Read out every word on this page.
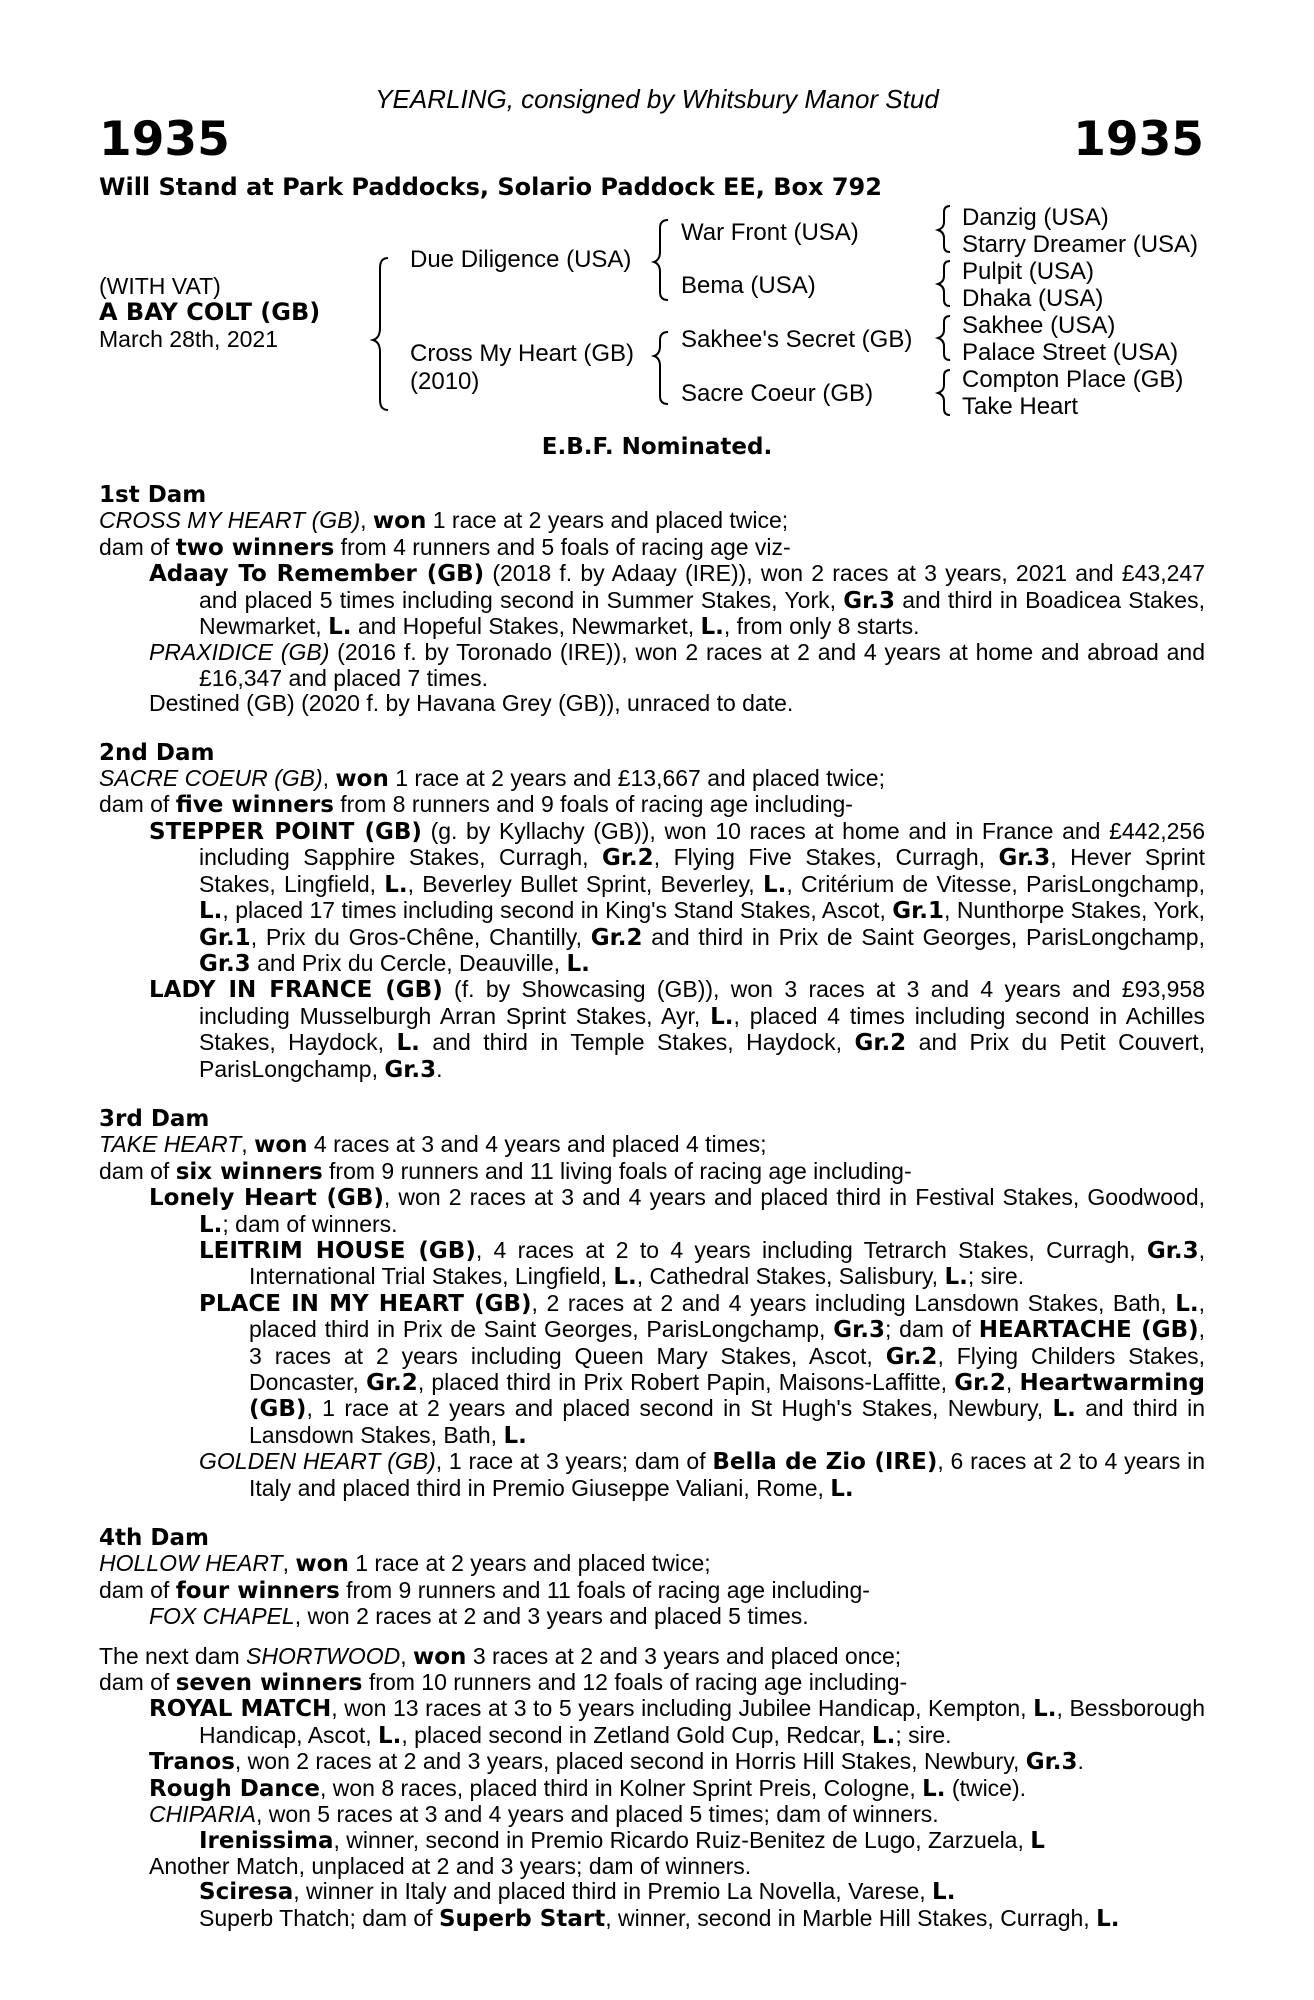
YEARLING, consigned by Whitsbury Manor Stud
1935	1935
Will Stand at Park Paddocks, Solario Paddock EE, Box 792
(WITH VAT)
A BAY COLT (GB)
March 28th, 2021
Due Diligence (USA)
Cross My Heart (GB)
(2010)
War Front (USA)
Bema (USA)
Sakhee's Secret (GB)
Sacre Coeur (GB)
Danzig (USA)
Starry Dreamer (USA)
Pulpit (USA)
Dhaka (USA)
Sakhee (USA)
Palace Street (USA)
Compton Place (GB)
Take Heart
E.B.F. Nominated.

1st Dam

CROSS MY HEART (GB), won 1 race at 2 years and placed twice;

dam of two winners from 4 runners and 5 foals of racing age viz-

Adaay To Remember (GB) (2018 f. by Adaay (IRE)), won 2 races at 3 years, 2021 and £43,247 and placed 5 times including second in Summer Stakes, York, Gr.3 and third in Boadicea Stakes, Newmarket, L. and Hopeful Stakes, Newmarket, L., from only 8 starts.

PRAXIDICE (GB) (2016 f. by Toronado (IRE)), won 2 races at 2 and 4 years at home and abroad and £16,347 and placed 7 times.

Destined (GB) (2020 f. by Havana Grey (GB)), unraced to date.

2nd Dam

SACRE COEUR (GB), won 1 race at 2 years and £13,667 and placed twice;

dam of five winners from 8 runners and 9 foals of racing age including-

STEPPER POINT (GB) (g. by Kyllachy (GB)), won 10 races at home and in France and £442,256 including Sapphire Stakes, Curragh, Gr.2, Flying Five Stakes, Curragh, Gr.3, Hever Sprint Stakes, Lingfield, L., Beverley Bullet Sprint, Beverley, L., Critérium de Vitesse, ParisLongchamp, L., placed 17 times including second in King's Stand Stakes, Ascot, Gr.1, Nunthorpe Stakes, York, Gr.1, Prix du Gros-Chêne, Chantilly, Gr.2 and third in Prix de Saint Georges, ParisLongchamp, Gr.3 and Prix du Cercle, Deauville, L.

LADY IN FRANCE (GB) (f. by Showcasing (GB)), won 3 races at 3 and 4 years and £93,958 including Musselburgh Arran Sprint Stakes, Ayr, L., placed 4 times including second in Achilles Stakes, Haydock, L. and third in Temple Stakes, Haydock, Gr.2 and Prix du Petit Couvert, ParisLongchamp, Gr.3.

3rd Dam

TAKE HEART, won 4 races at 3 and 4 years and placed 4 times;

dam of six winners from 9 runners and 11 living foals of racing age including-

Lonely Heart (GB), won 2 races at 3 and 4 years and placed third in Festival Stakes, Goodwood, L.; dam of winners.

LEITRIM HOUSE (GB), 4 races at 2 to 4 years including Tetrarch Stakes, Curragh, Gr.3, International Trial Stakes, Lingfield, L., Cathedral Stakes, Salisbury, L.; sire.

PLACE IN MY HEART (GB), 2 races at 2 and 4 years including Lansdown Stakes, Bath, L., placed third in Prix de Saint Georges, ParisLongchamp, Gr.3; dam of HEARTACHE (GB), 3 races at 2 years including Queen Mary Stakes, Ascot, Gr.2, Flying Childers Stakes, Doncaster, Gr.2, placed third in Prix Robert Papin, Maisons-Laffitte, Gr.2, Heartwarming (GB), 1 race at 2 years and placed second in St Hugh's Stakes, Newbury, L. and third in Lansdown Stakes, Bath, L.

GOLDEN HEART (GB), 1 race at 3 years; dam of Bella de Zio (IRE), 6 races at 2 to 4 years in Italy and placed third in Premio Giuseppe Valiani, Rome, L.

4th Dam

HOLLOW HEART, won 1 race at 2 years and placed twice;

dam of four winners from 9 runners and 11 foals of racing age including-

FOX CHAPEL, won 2 races at 2 and 3 years and placed 5 times.

The next dam SHORTWOOD, won 3 races at 2 and 3 years and placed once;

dam of seven winners from 10 runners and 12 foals of racing age including-

ROYAL MATCH, won 13 races at 3 to 5 years including Jubilee Handicap, Kempton, L., Bessborough Handicap, Ascot, L., placed second in Zetland Gold Cup, Redcar, L.; sire.

Tranos, won 2 races at 2 and 3 years, placed second in Horris Hill Stakes, Newbury, Gr.3.

Rough Dance, won 8 races, placed third in Kolner Sprint Preis, Cologne, L. (twice).

CHIPARIA, won 5 races at 3 and 4 years and placed 5 times; dam of winners.

Irenissima, winner, second in Premio Ricardo Ruiz-Benitez de Lugo, Zarzuela, L

Another Match, unplaced at 2 and 3 years; dam of winners.

Sciresa, winner in Italy and placed third in Premio La Novella, Varese, L.

Superb Thatch; dam of Superb Start, winner, second in Marble Hill Stakes, Curragh, L.
